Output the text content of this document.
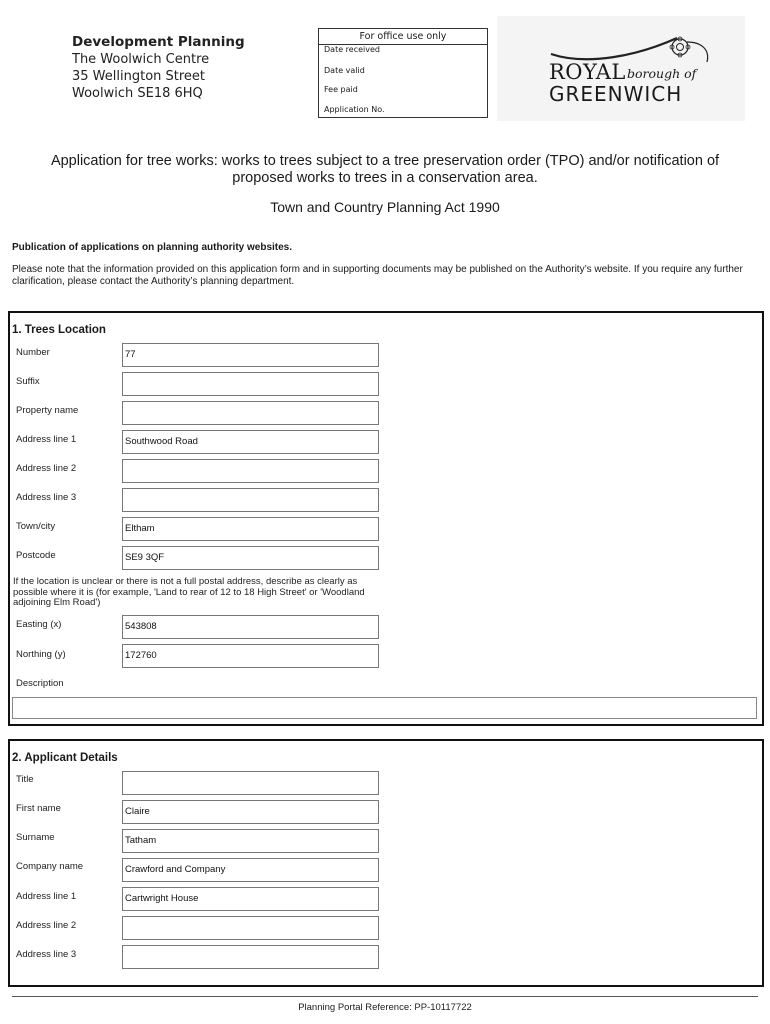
Development Planning
The Woolwich Centre
35 Wellington Street
Woolwich SE18 6HQ
For office use only
Date received
Date valid
Fee paid
Application No.
ROYAL borough of
GREENWICH
Application for tree works: works to trees subject to a tree preservation order (TPO) and/or notification of proposed works to trees in a conservation area.
Town and Country Planning Act 1990
Publication of applications on planning authority websites.
Please note that the information provided on this application form and in supporting documents may be published on the Authority’s website. If you require any further clarification, please contact the Authority’s planning department.
1. Trees Location
Number	77
Suffix
Property name
Address line 1	Southwood Road
Address line 2
Address line 3
Town/city	Eltham
Postcode	SE9 3QF
If the location is unclear or there is not a full postal address, describe as clearly as possible where it is (for example, 'Land to rear of 12 to 18 High Street' or 'Woodland adjoining Elm Road')
Easting (x)	543808
Northing (y)	172760
Description
2. Applicant Details
Title
First name	Claire
Surname	Tatham
Company name	Crawford and Company
Address line 1	Cartwright House
Address line 2
Address line 3
Planning Portal Reference: PP-10117722
